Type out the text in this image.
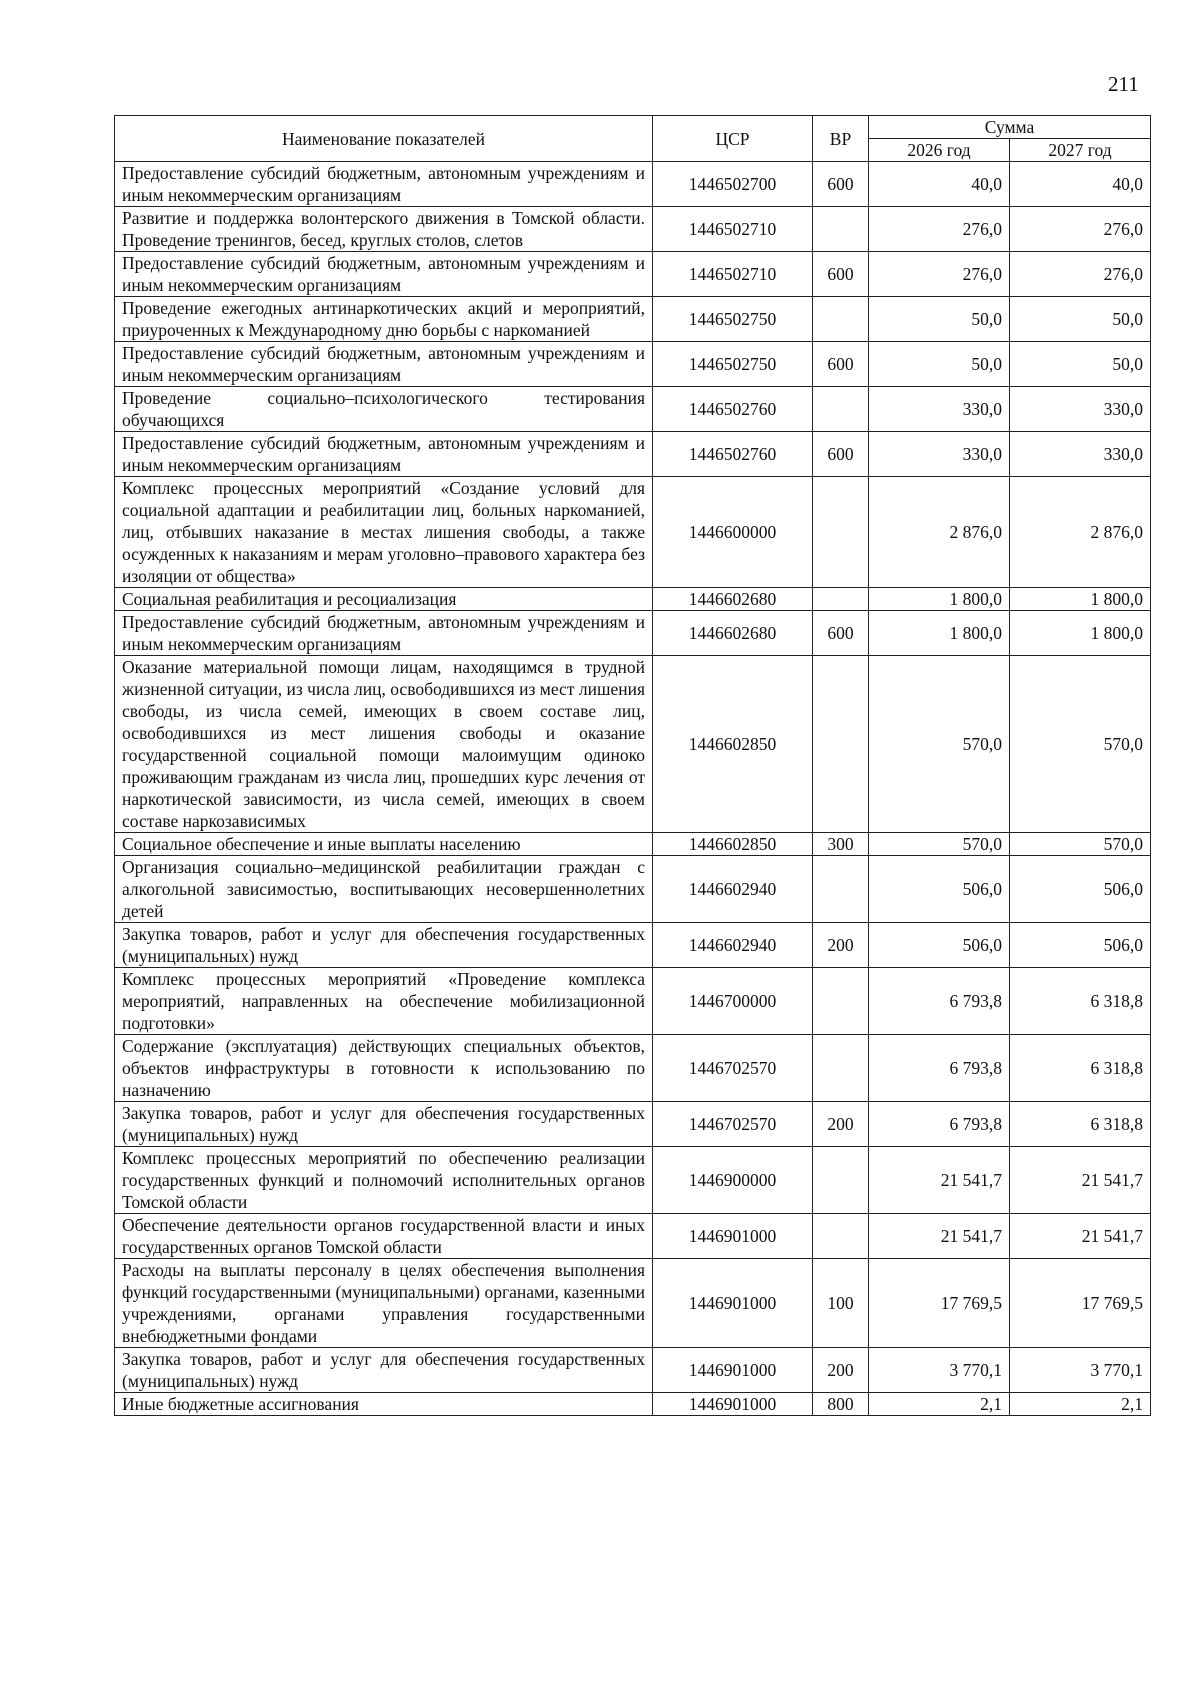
211
Наименование показателей	ЦСР	ВР	Сумма	
			2026 год	2027 год
Предоставление субсидий бюджетным, автономным учреждениям и иным некоммерческим организациям	1446502700	600	40,0	40,0
Развитие и поддержка волонтерского движения в Томской области. Проведение тренингов, бесед, круглых столов, слетов	1446502710		276,0	276,0
Предоставление субсидий бюджетным, автономным учреждениям и иным некоммерческим организациям	1446502710	600	276,0	276,0
Проведение ежегодных антинаркотических акций и мероприятий, приуроченных к Международному дню борьбы с наркоманией	1446502750		50,0	50,0
Предоставление субсидий бюджетным, автономным учреждениям и иным некоммерческим организациям	1446502750	600	50,0	50,0
Проведение социально–психологического тестирования обучающихся	1446502760		330,0	330,0
Предоставление субсидий бюджетным, автономным учреждениям и иным некоммерческим организациям	1446502760	600	330,0	330,0
Комплекс процессных мероприятий «Создание условий для социальной адаптации и реабилитации лиц, больных наркоманией, лиц, отбывших наказание в местах лишения свободы, а также осужденных к наказаниям и мерам уголовно–правового характера без изоляции от общества»	1446600000		2 876,0	2 876,0
Социальная реабилитация и ресоциализация	1446602680		1 800,0	1 800,0
Предоставление субсидий бюджетным, автономным учреждениям и иным некоммерческим организациям	1446602680	600	1 800,0	1 800,0
Оказание материальной помощи лицам, находящимся в трудной жизненной ситуации, из числа лиц, освободившихся из мест лишения свободы, из числа семей, имеющих в своем составе лиц, освободившихся из мест лишения свободы и оказание государственной социальной помощи малоимущим одиноко проживающим гражданам из числа лиц, прошедших курс лечения от наркотической зависимости, из числа семей, имеющих в своем составе наркозависимых	1446602850		570,0	570,0
Социальное обеспечение и иные выплаты населению	1446602850	300	570,0	570,0
Организация социально–медицинской реабилитации граждан с алкогольной зависимостью, воспитывающих несовершеннолетних детей	1446602940		506,0	506,0
Закупка товаров, работ и услуг для обеспечения государственных (муниципальных) нужд	1446602940	200	506,0	506,0
Комплекс процессных мероприятий «Проведение комплекса мероприятий, направленных на обеспечение мобилизационной подготовки»	1446700000		6 793,8	6 318,8
Содержание (эксплуатация) действующих специальных объектов, объектов инфраструктуры в готовности к использованию по назначению	1446702570		6 793,8	6 318,8
Закупка товаров, работ и услуг для обеспечения государственных (муниципальных) нужд	1446702570	200	6 793,8	6 318,8
Комплекс процессных мероприятий по обеспечению реализации государственных функций и полномочий исполнительных органов Томской области	1446900000		21 541,7	21 541,7
Обеспечение деятельности органов государственной власти и иных государственных органов Томской области	1446901000		21 541,7	21 541,7
Расходы на выплаты персоналу в целях обеспечения выполнения функций государственными (муниципальными) органами, казенными учреждениями, органами управления государственными внебюджетными фондами	1446901000	100	17 769,5	17 769,5
Закупка товаров, работ и услуг для обеспечения государственных (муниципальных) нужд	1446901000	200	3 770,1	3 770,1
Иные бюджетные ассигнования	1446901000	800	2,1	2,1
